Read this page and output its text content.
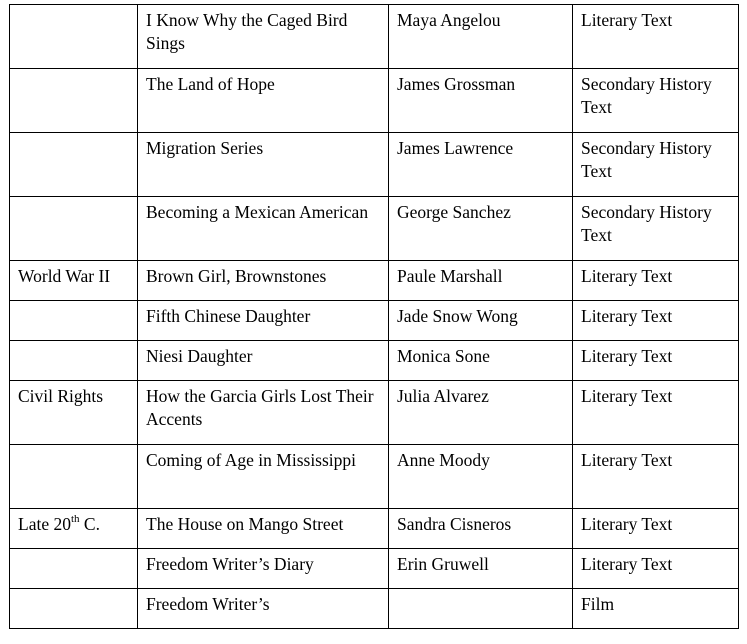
	I Know Why the Caged Bird Sings	Maya Angelou	Literary Text
	The Land of Hope	James Grossman	Secondary History Text
	Migration Series	James Lawrence	Secondary History Text
	Becoming a Mexican American	George Sanchez	Secondary History Text
World War II	Brown Girl, Brownstones	Paule Marshall	Literary Text
	Fifth Chinese Daughter	Jade Snow Wong	Literary Text
	Niesi Daughter	Monica Sone	Literary Text
Civil Rights	How the Garcia Girls Lost Their Accents	Julia Alvarez	Literary Text
	Coming of Age in Mississippi	Anne Moody	Literary Text
Late 20th C.	The House on Mango Street	Sandra Cisneros	Literary Text
	Freedom Writer’s Diary	Erin Gruwell	Literary Text
	Freedom Writer’s		Film
